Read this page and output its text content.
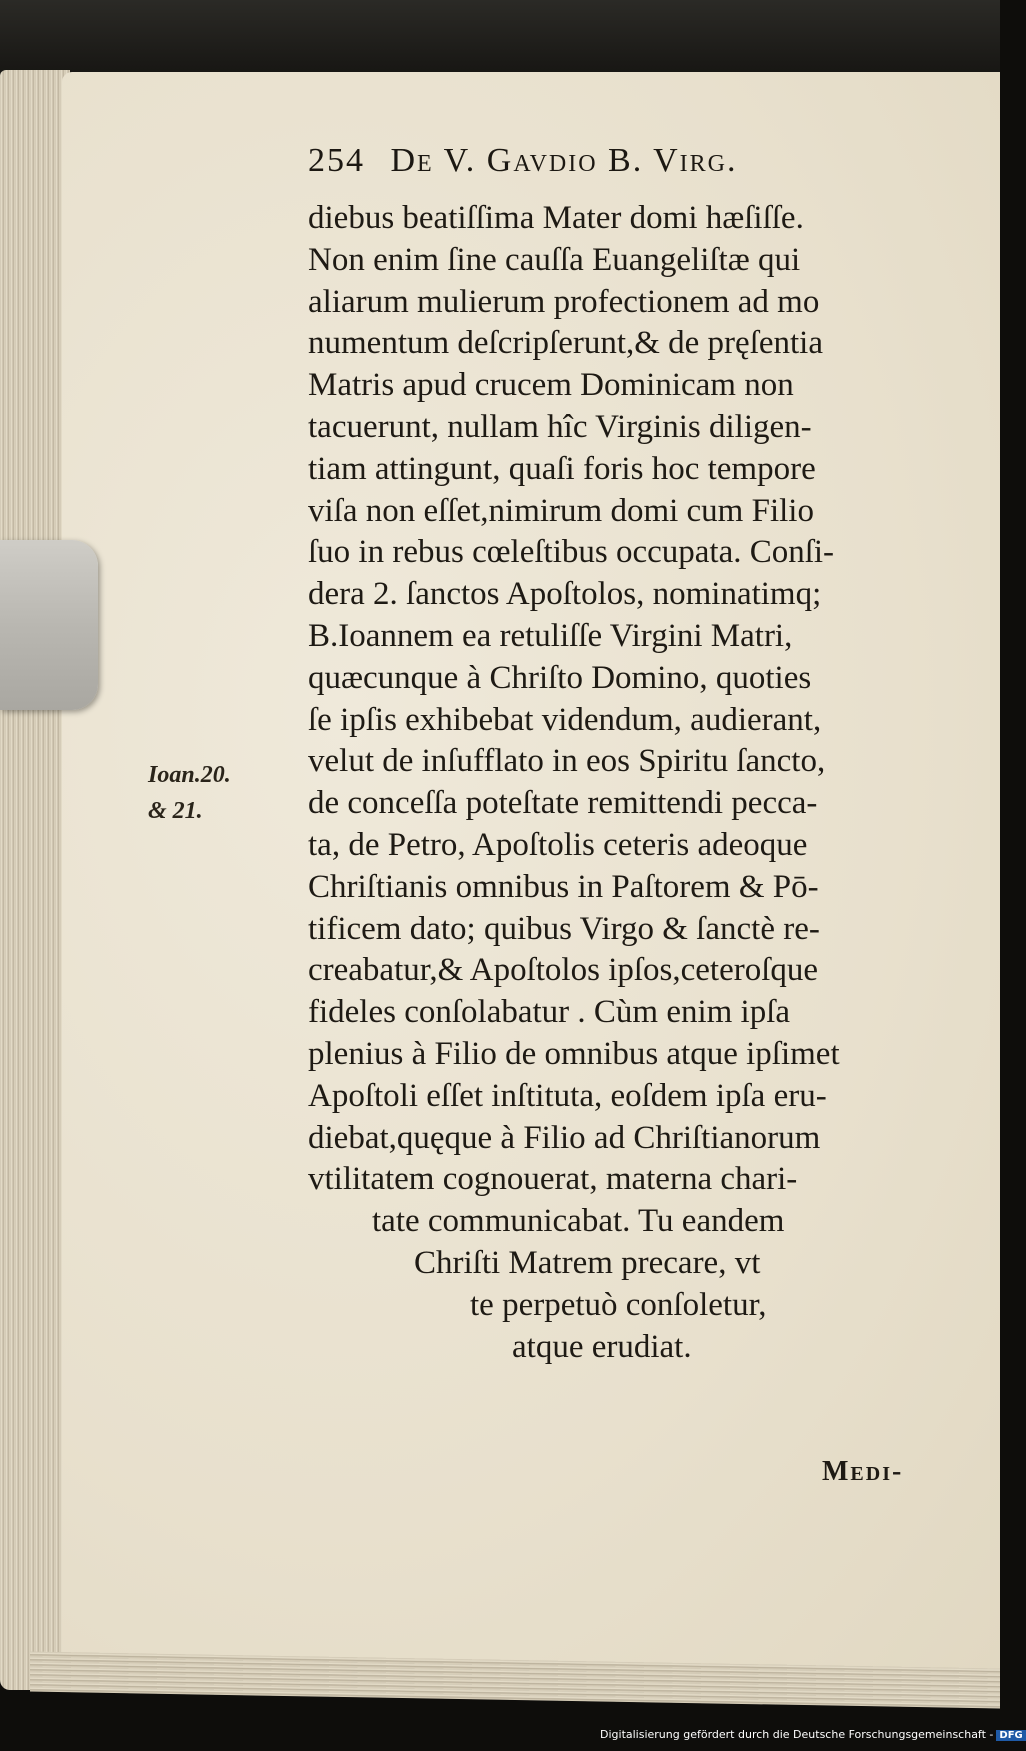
254 De V. Gavdio B. Virg.
diebus beatiſſima Mater domi hæſiſſe.
Non enim ſine cauſſa Euangeliſtæ qui
aliarum mulierum profectionem ad mo
numentum deſcripſerunt,& de pręſentia
Matris apud crucem Dominicam non
tacuerunt, nullam hîc Virginis diligen-
tiam attingunt, quaſi foris hoc tempore
viſa non eſſet,nimirum domi cum Filio
ſuo in rebus cœleſtibus occupata. Conſi-
dera 2. ſanctos Apoſtolos, nominatimq;
B.Ioannem ea retuliſſe Virgini Matri,
quæcunque à Chriſto Domino, quoties
ſe ipſis exhibebat videndum, audierant,
velut de inſufflato in eos Spiritu ſancto,
de conceſſa poteſtate remittendi pecca-
ta, de Petro, Apoſtolis ceteris adeoque
Chriſtianis omnibus in Paſtorem & Pō-
tificem dato; quibus Virgo & ſanctè re-
creabatur,& Apoſtolos ipſos,ceteroſque
fideles conſolabatur . Cùm enim ipſa
plenius à Filio de omnibus atque ipſimet
Apoſtoli eſſet inſtituta, eoſdem ipſa eru-
diebat,quęque à Filio ad Chriſtianorum
vtilitatem cognouerat, materna chari-
tate communicabat. Tu eandem
Chriſti Matrem precare, vt
te perpetuò conſoletur,
atque erudiat.
Ioan.20.
& 21.
Medi-
Digitalisierung gefördert durch die Deutsche Forschungsgemeinschaft - DFG
